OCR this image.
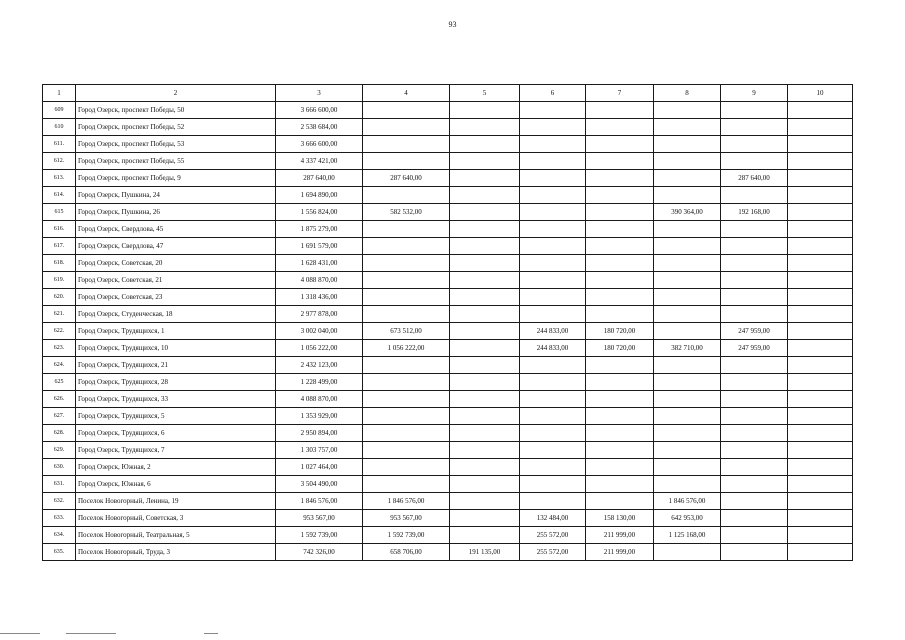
93
1	2	3	4	5	6	7	8	9	10
609	Город Озерск, проспект Победы, 50	3 666 600,00							
610	Город Озерск, проспект Победы, 52	2 538 684,00							
611.	Город Озерск, проспект Победы, 53	3 666 600,00							
612.	Город Озерск, проспект Победы, 55	4 337 421,00							
613.	Город Озерск, проспект Победы, 9	287 640,00	287 640,00					287 640,00	
614.	Город Озерск, Пушкина, 24	1 694 890,00							
615	Город Озерск, Пушкина, 26	1 556 824,00	582 532,00				390 364,00	192 168,00	
616.	Город Озерск, Свердлова, 45	1 875 279,00							
617.	Город Озерск, Свердлова, 47	1 691 579,00							
618.	Город Озерск, Советская, 20	1 628 431,00							
619.	Город Озерск, Советская, 21	4 088 870,00							
620.	Город Озерск, Советская, 23	1 318 436,00							
621.	Город Озерск, Студенческая, 18	2 977 878,00							
622.	Город Озерск, Трудящихся, 1	3 002 040,00	673 512,00		244 833,00	180 720,00		247 959,00	
623.	Город Озерск, Трудящихся, 10	1 056 222,00	1 056 222,00		244 833,00	180 720,00	382 710,00	247 959,00	
624.	Город Озерск, Трудящихся, 21	2 432 123,00							
625	Город Озерск, Трудящихся, 28	1 228 499,00							
626.	Город Озерск, Трудящихся, 33	4 088 870,00							
627.	Город Озерск, Трудящихся, 5	1 353 929,00							
628.	Город Озерск, Трудящихся, 6	2 950 894,00							
629.	Город Озерск, Трудящихся, 7	1 303 757,00							
630.	Город Озерск, Южная, 2	1 027 464,00							
631.	Город Озерск, Южная, 6	3 504 490,00							
632.	Поселок Новогорный, Ленина, 19	1 846 576,00	1 846 576,00				1 846 576,00		
633.	Поселок Новогорный, Советская, 3	953 567,00	953 567,00		132 484,00	158 130,00	642 953,00		
634.	Поселок Новогорный, Театральная, 5	1 592 739,00	1 592 739,00		255 572,00	211 999,00	1 125 168,00		
635.	Поселок Новогорный, Труда, 3	742 326,00	658 706,00	191 135,00	255 572,00	211 999,00			
